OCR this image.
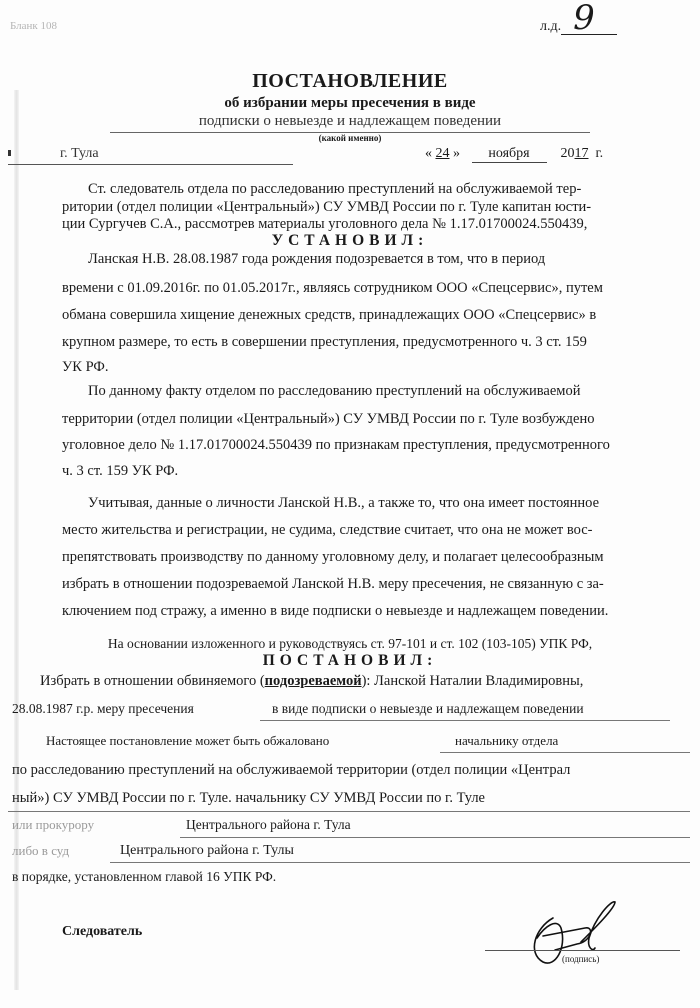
Бланк 108	л.д. 9
ПОСТАНОВЛЕНИЕ
об избрании меры пресечения в виде
подписки о невыезде и надлежащем поведении
(какой именно)
г. Тула	« 24 » ноября 2017 г.
Ст. следователь отдела по расследованию преступлений на обслуживаемой тер-
ритории (отдел полиции «Центральный») СУ УМВД России по г. Туле капитан юсти-
ции Сургучев С.А., рассмотрев материалы уголовного дела № 1.17.01700024.550439,
УСТАНОВИЛ:
Ланская Н.В. 28.08.1987 года рождения подозревается в том, что в период
времени с 01.09.2016г. по 01.05.2017г., являясь сотрудником ООО «Спецсервис», путем
обмана совершила хищение денежных средств, принадлежащих ООО «Спецсервис» в
крупном размере, то есть в совершении преступления, предусмотренного ч. 3 ст. 159
УК РФ.
По данному факту отделом по расследованию преступлений на обслуживаемой
территории (отдел полиции «Центральный») СУ УМВД России по г. Туле возбуждено
уголовное дело № 1.17.01700024.550439 по признакам преступления, предусмотренного
ч. 3 ст. 159 УК РФ.
Учитывая, данные о личности Ланской Н.В., а также то, что она имеет постоянное
место жительства и регистрации, не судима, следствие считает, что она не может вос-
препятствовать производству по данному уголовному делу, и полагает целесообразным
избрать в отношении подозреваемой Ланской Н.В. меру пресечения, не связанную с за-
ключением под стражу, а именно в виде подписки о невыезде и надлежащем поведении.
На основании изложенного и руководствуясь ст. 97-101 и ст. 102 (103-105) УПК РФ,
ПОСТАНОВИЛ:
Избрать в отношении обвиняемого (подозреваемой): Ланской Наталии Владимировны,
28.08.1987 г.р. меру пресечения	в виде подписки о невыезде и надлежащем поведении
Настоящее постановление может быть обжаловано	начальнику отдела
по расследованию преступлений на обслуживаемой территории (отдел полиции «Централ
ный») СУ УМВД России по г. Туле. начальнику СУ УМВД России по г. Туле
или прокурору	Центрального района г. Тула
либо в суд	Центрального района г. Тулы
в порядке, установленном главой 16 УПК РФ.
Следователь
(подпись)
